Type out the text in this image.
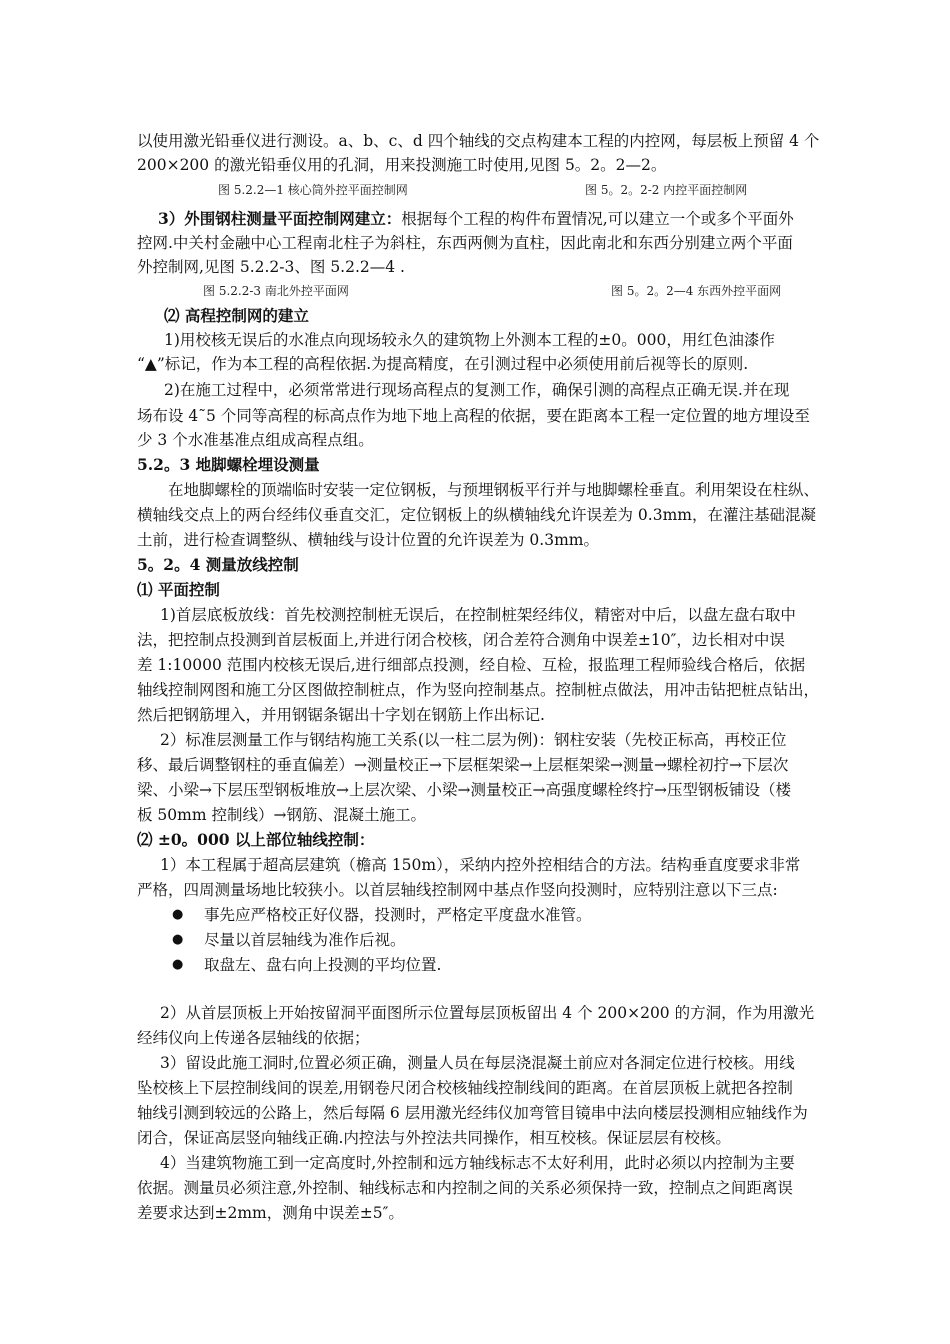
以使用激光铅垂仪进行测设。a、b、c、d 四个轴线的交点构建本工程的内控网，每层板上预留 4 个
200×200 的激光铅垂仪用的孔洞，用来投测施工时使用,见图 5。2。2—2。
图 5.2.2—1 核心筒外控平面控制网	图 5。2。2-2 内控平面控制网
3）外围钢柱测量平面控制网建立：根据每个工程的构件布置情况,可以建立一个或多个平面外
控网.中关村金融中心工程南北柱子为斜柱，东西两侧为直柱，因此南北和东西分别建立两个平面
外控制网,见图 5.2.2-3、图 5.2.2—4 .
图 5.2.2-3 南北外控平面网	图 5。2。2—4 东西外控平面网
⑵ 高程控制网的建立
1)用校核无误后的水准点向现场较永久的建筑物上外测本工程的±0。000，用红色油漆作
“▲”标记，作为本工程的高程依据.为提高精度，在引测过程中必须使用前后视等长的原则.
2)在施工过程中，必须常常进行现场高程点的复测工作，确保引测的高程点正确无误.并在现
场布设 4˜5 个同等高程的标高点作为地下地上高程的依据，要在距离本工程一定位置的地方埋设至
少 3 个水准基准点组成高程点组。
5.2。3 地脚螺栓埋设测量
在地脚螺栓的顶端临时安装一定位钢板，与预埋钢板平行并与地脚螺栓垂直。利用架设在柱纵、
横轴线交点上的两台经纬仪垂直交汇，定位钢板上的纵横轴线允许误差为 0.3mm，在灌注基础混凝
土前，进行检查调整纵、横轴线与设计位置的允许误差为 0.3mm。
5。2。4 测量放线控制
⑴ 平面控制
1)首层底板放线：首先校测控制桩无误后，在控制桩架经纬仪，精密对中后，以盘左盘右取中
法，把控制点投测到首层板面上,并进行闭合校核，闭合差符合测角中误差±10″，边长相对中误
差 1:10000 范围内校核无误后,进行细部点投测，经自检、互检，报监理工程师验线合格后，依据
轴线控制网图和施工分区图做控制桩点，作为竖向控制基点。控制桩点做法，用冲击钻把桩点钻出，
然后把钢筋埋入，并用钢锯条锯出十字划在钢筋上作出标记.
2）标准层测量工作与钢结构施工关系(以一柱二层为例)：钢柱安装（先校正标高，再校正位
移、最后调整钢柱的垂直偏差）→测量校正→下层框架梁→上层框架梁→测量→螺栓初拧→下层次
梁、小梁→下层压型钢板堆放→上层次梁、小梁→测量校正→高强度螺栓终拧→压型钢板铺设（楼
板 50mm 控制线）→钢筋、混凝土施工。
⑵ ±0。000 以上部位轴线控制：
1）本工程属于超高层建筑（檐高 150m），采纳内控外控相结合的方法。结构垂直度要求非常
严格，四周测量场地比较狭小。以首层轴线控制网中基点作竖向投测时，应特别注意以下三点:
● 事先应严格校正好仪器，投测时，严格定平度盘水准管。
● 尽量以首层轴线为准作后视。
● 取盘左、盘右向上投测的平均位置.
2）从首层顶板上开始按留洞平面图所示位置每层顶板留出 4 个 200×200 的方洞，作为用激光
经纬仪向上传递各层轴线的依据；
3）留设此施工洞时,位置必须正确，测量人员在每层浇混凝土前应对各洞定位进行校核。用线
坠校核上下层控制线间的误差,用钢卷尺闭合校核轴线控制线间的距离。在首层顶板上就把各控制
轴线引测到较远的公路上，然后每隔 6 层用激光经纬仪加弯管目镜串中法向楼层投测相应轴线作为
闭合，保证高层竖向轴线正确.内控法与外控法共同操作，相互校核。保证层层有校核。
4）当建筑物施工到一定高度时,外控制和远方轴线标志不太好利用，此时必须以内控制为主要
依据。测量员必须注意,外控制、轴线标志和内控制之间的关系必须保持一致，控制点之间距离误
差要求达到±2mm，测角中误差±5″。
